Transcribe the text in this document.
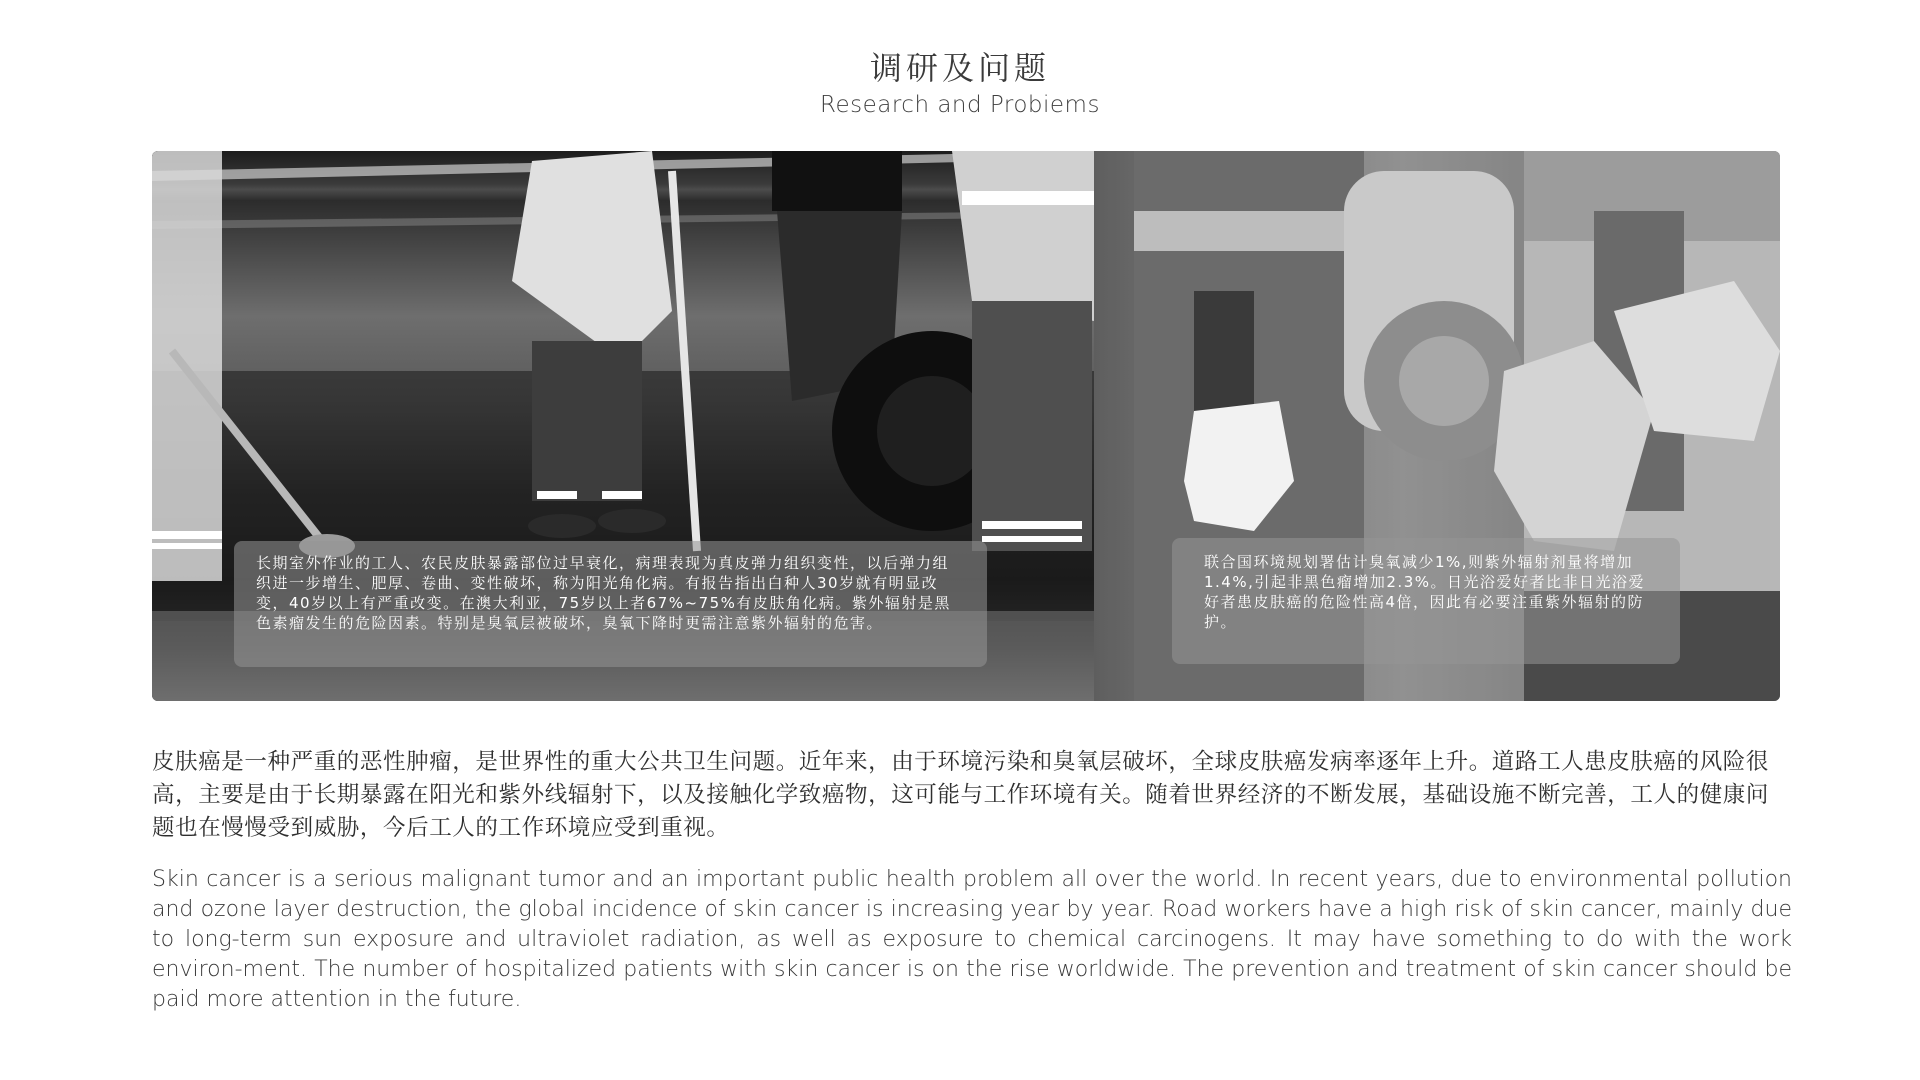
调研及问题
Research and Probiems
长期室外作业的工人、农民皮肤暴露部位过早衰化，病理表现为真皮弹力组织变性，以后弹力组织进一步增生、肥厚、卷曲、变性破坏，称为阳光角化病。有报告指出白种人30岁就有明显改变，40岁以上有严重改变。在澳大利亚，75岁以上者67%~75%有皮肤角化病。紫外辐射是黑色素瘤发生的危险因素。特别是臭氧层被破坏，臭氧下降时更需注意紫外辐射的危害。
联合国环境规划署估计臭氧减少1%,则紫外辐射剂量将增加1.4%,引起非黑色瘤增加2.3%。日光浴爱好者比非日光浴爱好者患皮肤癌的危险性高4倍，因此有必要注重紫外辐射的防护。
皮肤癌是一种严重的恶性肿瘤，是世界性的重大公共卫生问题。近年来，由于环境污染和臭氧层破坏，全球皮肤癌发病率逐年上升。道路工人患皮肤癌的风险很高，主要是由于长期暴露在阳光和紫外线辐射下，以及接触化学致癌物，这可能与工作环境有关。随着世界经济的不断发展，基础设施不断完善，工人的健康问题也在慢慢受到威胁，今后工人的工作环境应受到重视。
Skin cancer is a serious malignant tumor and an important public health problem all over the world. In recent years, due to environmental pollution and ozone layer destruction, the global incidence of skin cancer is increasing year by year. Road workers have a high risk of skin cancer, mainly due to long-term sun exposure and ultraviolet radiation, as well as exposure to chemical carcinogens. It may have something to do with the work environ-ment. The number of hospitalized patients with skin cancer is on the rise worldwide. The prevention and treatment of skin cancer should be paid more attention in the future.
